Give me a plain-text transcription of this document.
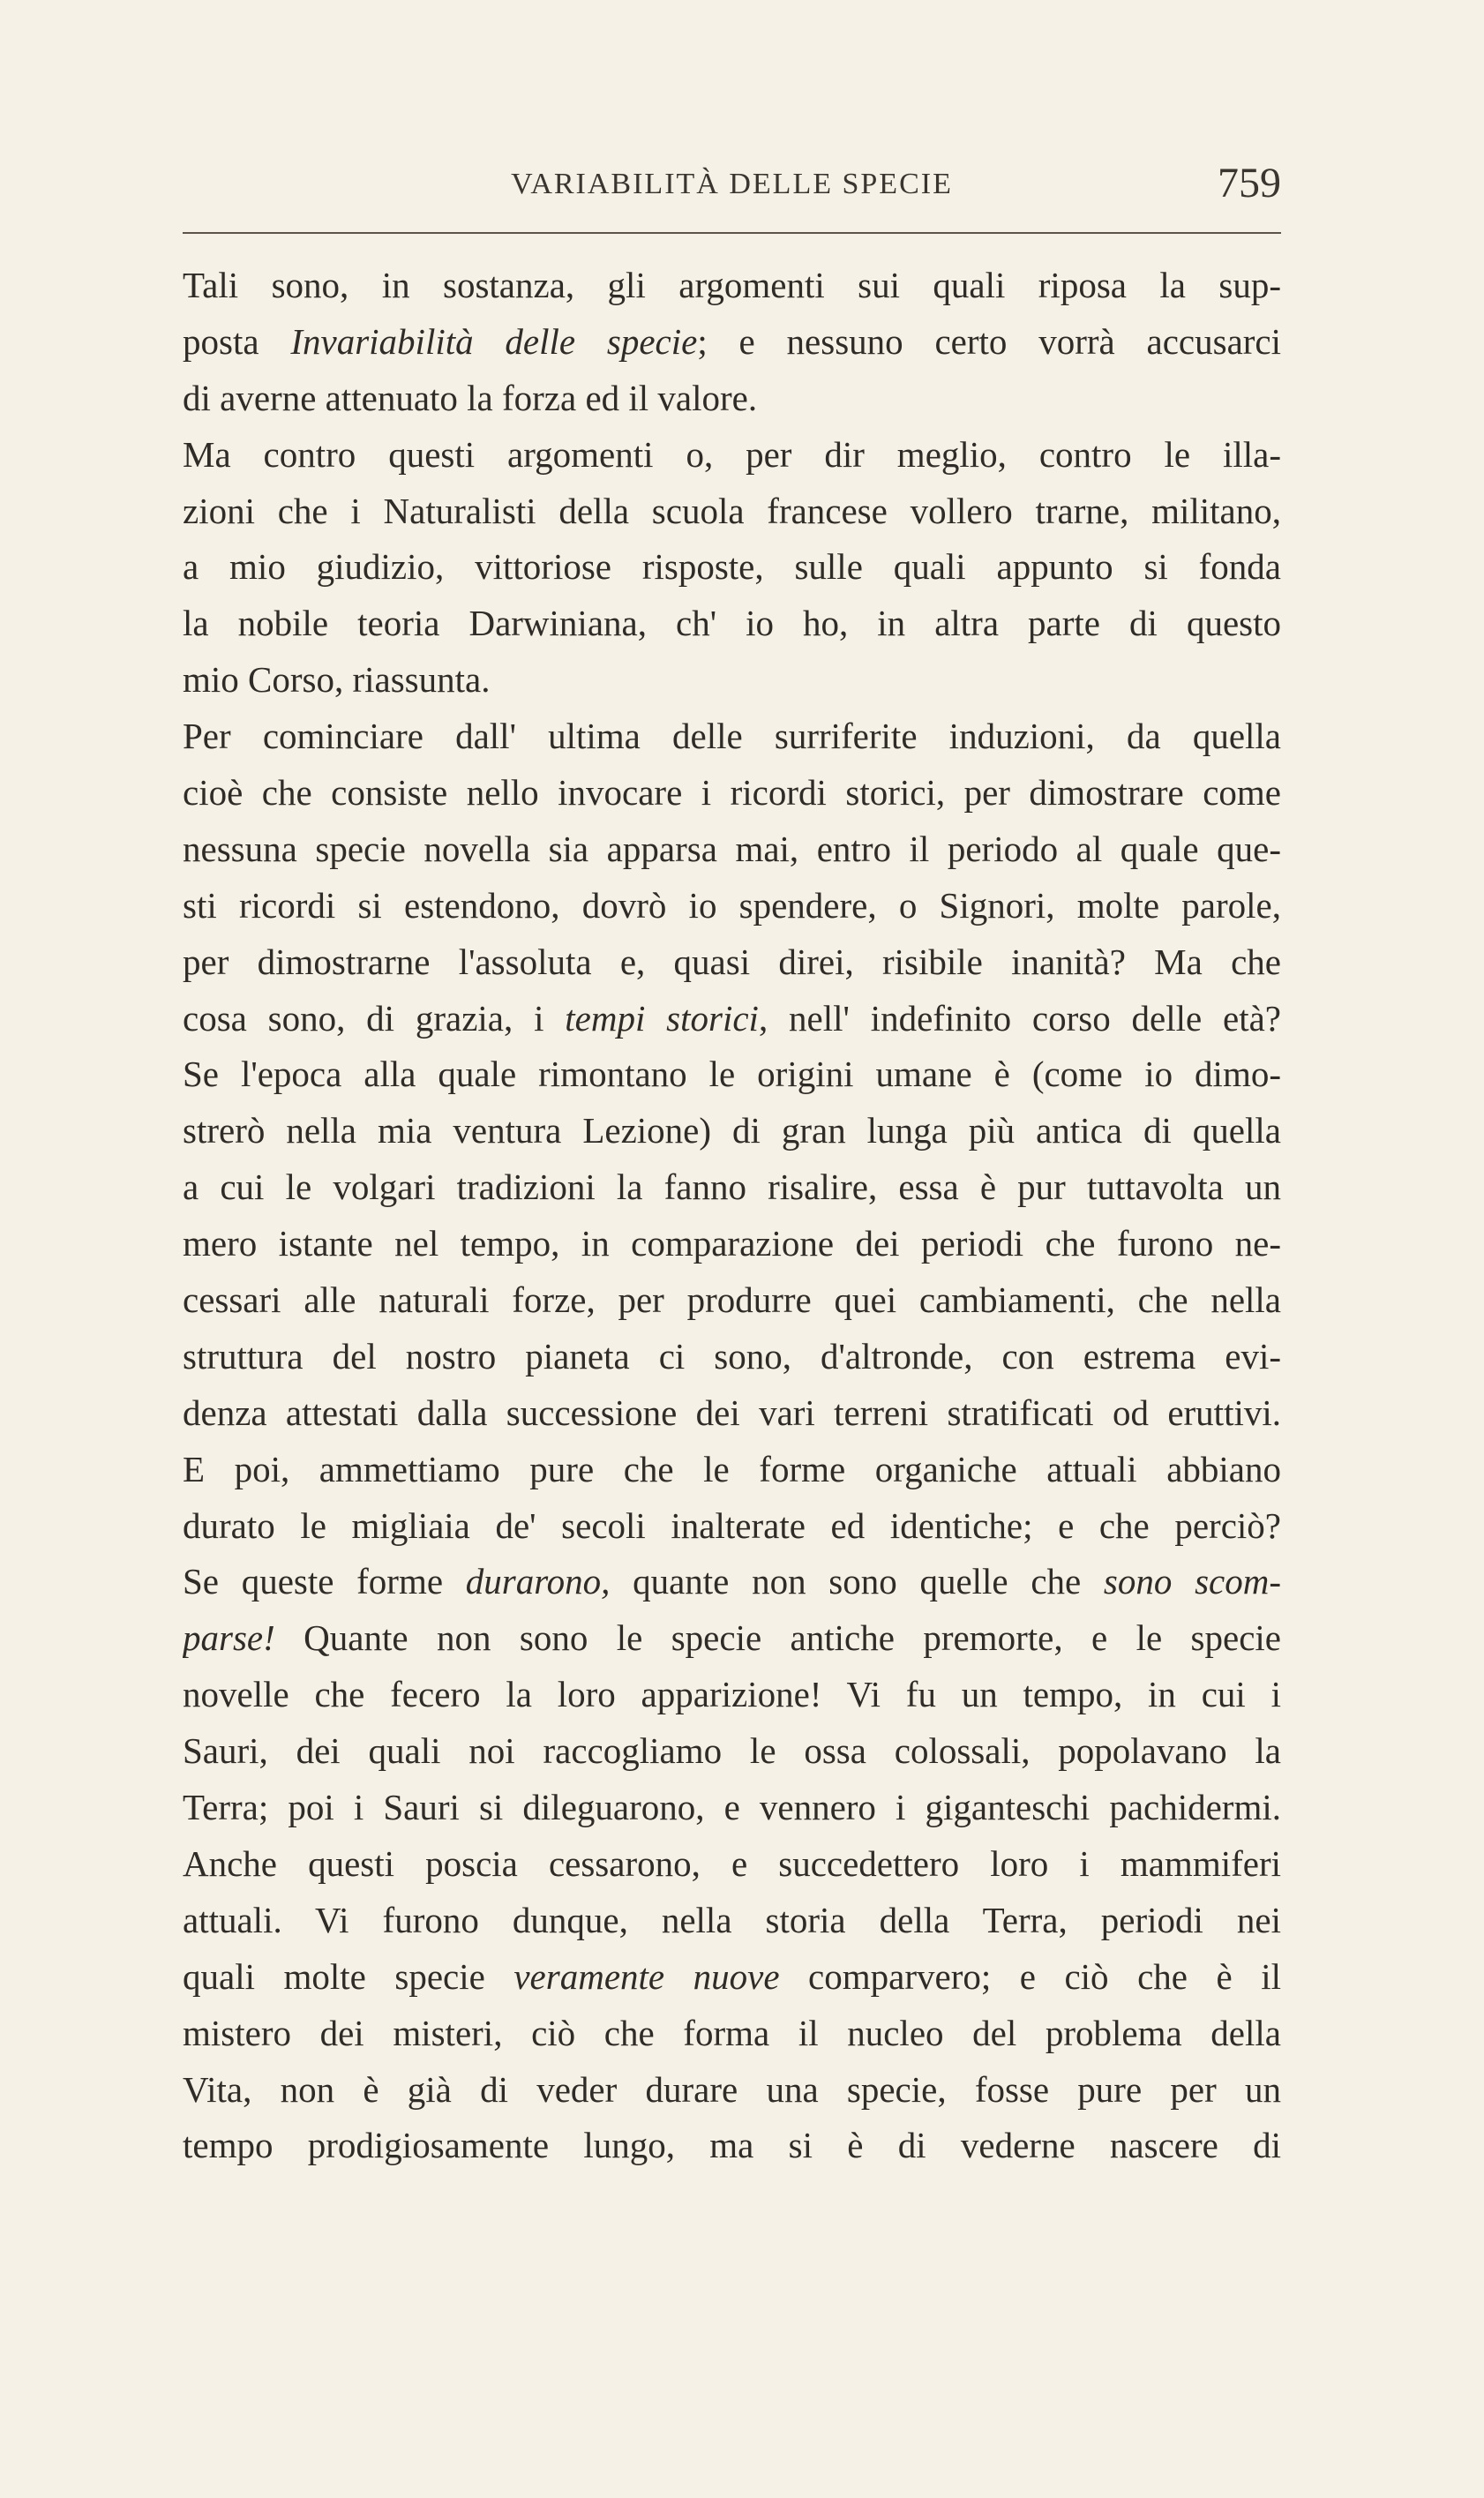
VARIABILITÀ DELLE SPECIE	759
Tali sono, in sostanza, gli argomenti sui quali riposa la sup-
posta Invariabilità delle specie; e nessuno certo vorrà accusarci
di averne attenuato la forza ed il valore.
Ma contro questi argomenti o, per dir meglio, contro le illa-
zioni che i Naturalisti della scuola francese vollero trarne, militano,
a mio giudizio, vittoriose risposte, sulle quali appunto si fonda
la nobile teoria Darwiniana, ch' io ho, in altra parte di questo
mio Corso, riassunta.
Per cominciare dall' ultima delle surriferite induzioni, da quella
cioè che consiste nello invocare i ricordi storici, per dimostrare come
nessuna specie novella sia apparsa mai, entro il periodo al quale que-
sti ricordi si estendono, dovrò io spendere, o Signori, molte parole,
per dimostrarne l'assoluta e, quasi direi, risibile inanità? Ma che
cosa sono, di grazia, i tempi storici, nell' indefinito corso delle età?
Se l'epoca alla quale rimontano le origini umane è (come io dimo-
strerò nella mia ventura Lezione) di gran lunga più antica di quella
a cui le volgari tradizioni la fanno risalire, essa è pur tuttavolta un
mero istante nel tempo, in comparazione dei periodi che furono ne-
cessari alle naturali forze, per produrre quei cambiamenti, che nella
struttura del nostro pianeta ci sono, d'altronde, con estrema evi-
denza attestati dalla successione dei vari terreni stratificati od eruttivi.
E poi, ammettiamo pure che le forme organiche attuali abbiano
durato le migliaia de' secoli inalterate ed identiche; e che perciò?
Se queste forme durarono, quante non sono quelle che sono scom-
parse! Quante non sono le specie antiche premorte, e le specie
novelle che fecero la loro apparizione! Vi fu un tempo, in cui i
Sauri, dei quali noi raccogliamo le ossa colossali, popolavano la
Terra; poi i Sauri si dileguarono, e vennero i giganteschi pachidermi.
Anche questi poscia cessarono, e succedettero loro i mammiferi
attuali. Vi furono dunque, nella storia della Terra, periodi nei
quali molte specie veramente nuove comparvero; e ciò che è il
mistero dei misteri, ciò che forma il nucleo del problema della
Vita, non è già di veder durare una specie, fosse pure per un
tempo prodigiosamente lungo, ma si è di vederne nascere di
